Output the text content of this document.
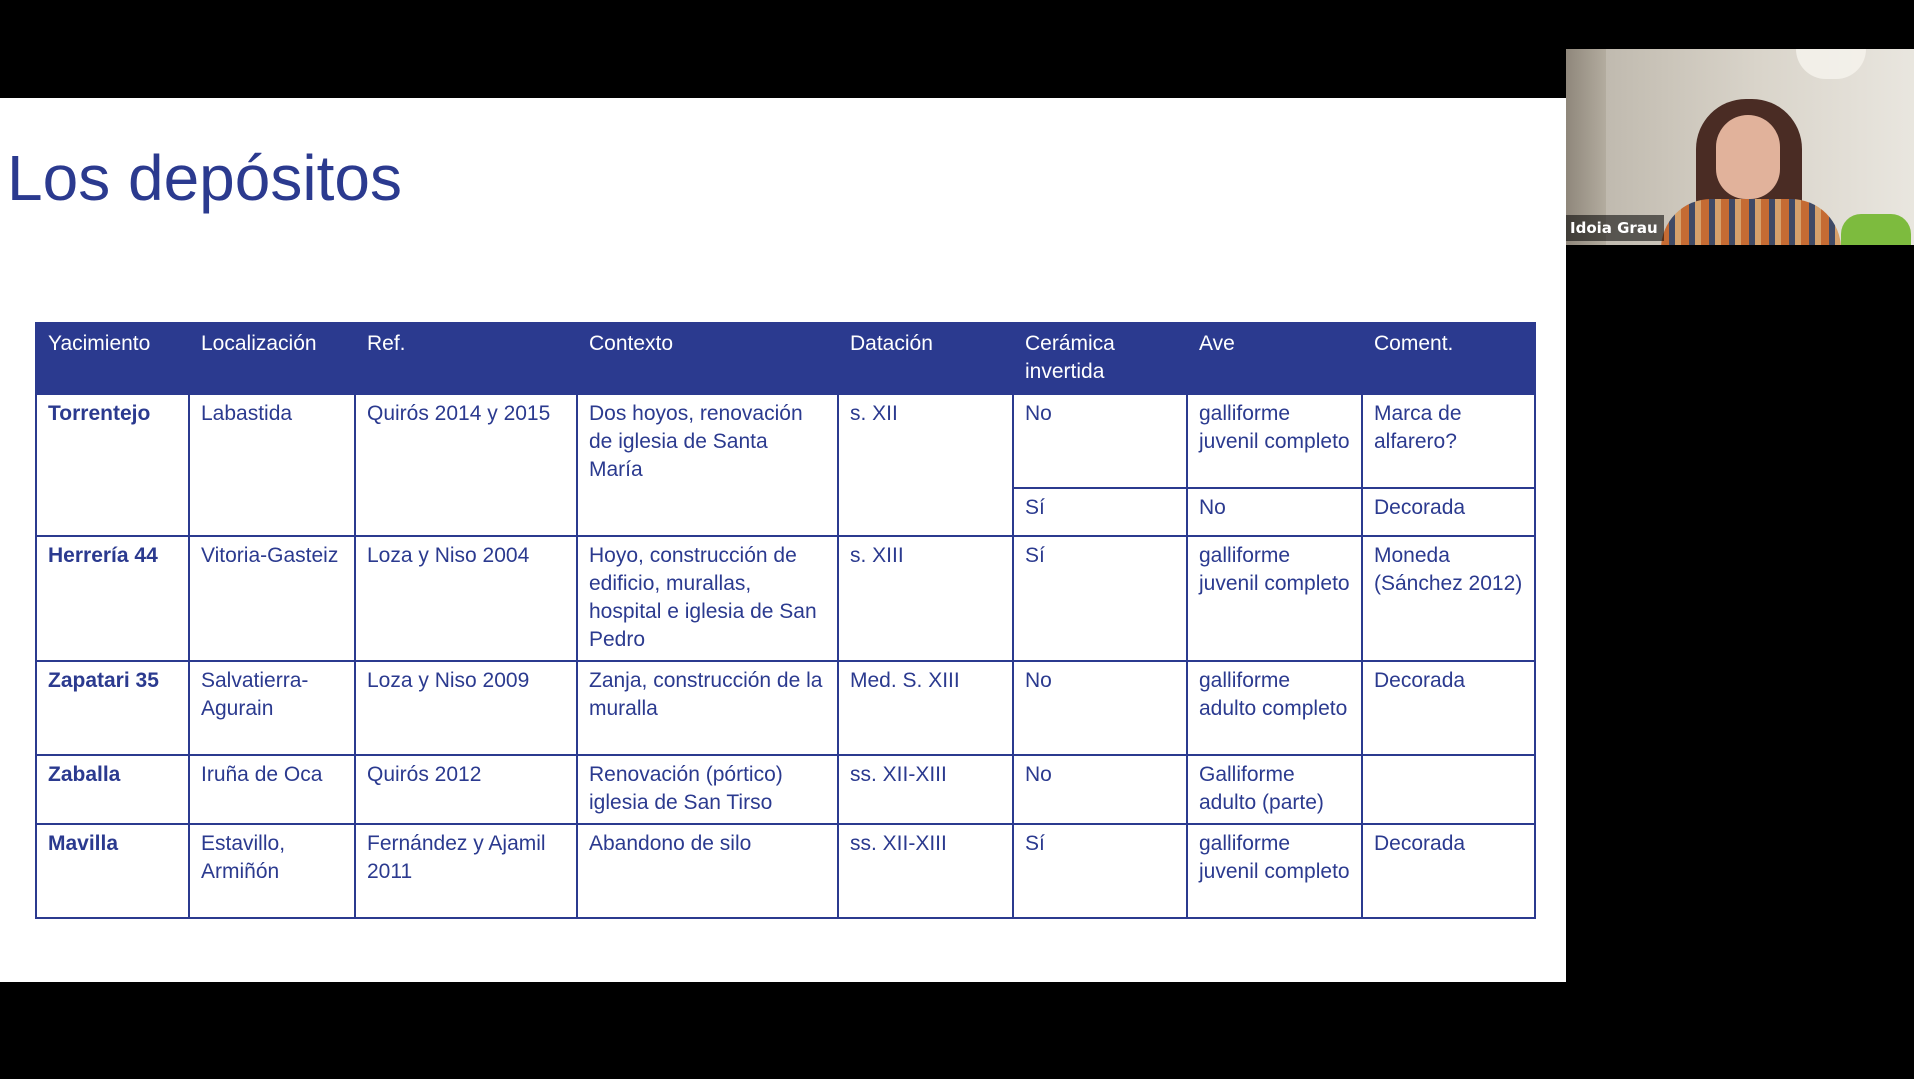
Los depósitos
Yacimiento	Localización	Ref.	Contexto	Datación	Cerámica invertida	Ave	Coment.
Torrentejo	Labastida	Quirós 2014 y 2015	Dos hoyos, renovación de iglesia de Santa María	s. XII	No	galliforme juvenil completo	Marca de alfarero?
					Sí	No	Decorada
Herrería 44	Vitoria-Gasteiz	Loza y Niso 2004	Hoyo, construcción de edificio, murallas, hospital e iglesia de San Pedro	s. XIII	Sí	galliforme juvenil completo	Moneda (Sánchez 2012)
Zapatari 35	Salvatierra-Agurain	Loza y Niso 2009	Zanja, construcción de la muralla	Med. S. XIII	No	galliforme adulto completo	Decorada
Zaballa	Iruña de Oca	Quirós 2012	Renovación (pórtico) iglesia de San Tirso	ss. XII-XIII	No	Galliforme adulto (parte)	
Mavilla	Estavillo, Armiñón	Fernández y Ajamil 2011	Abandono de silo	ss. XII-XIII	Sí	galliforme juvenil completo	Decorada
Idoia Grau
